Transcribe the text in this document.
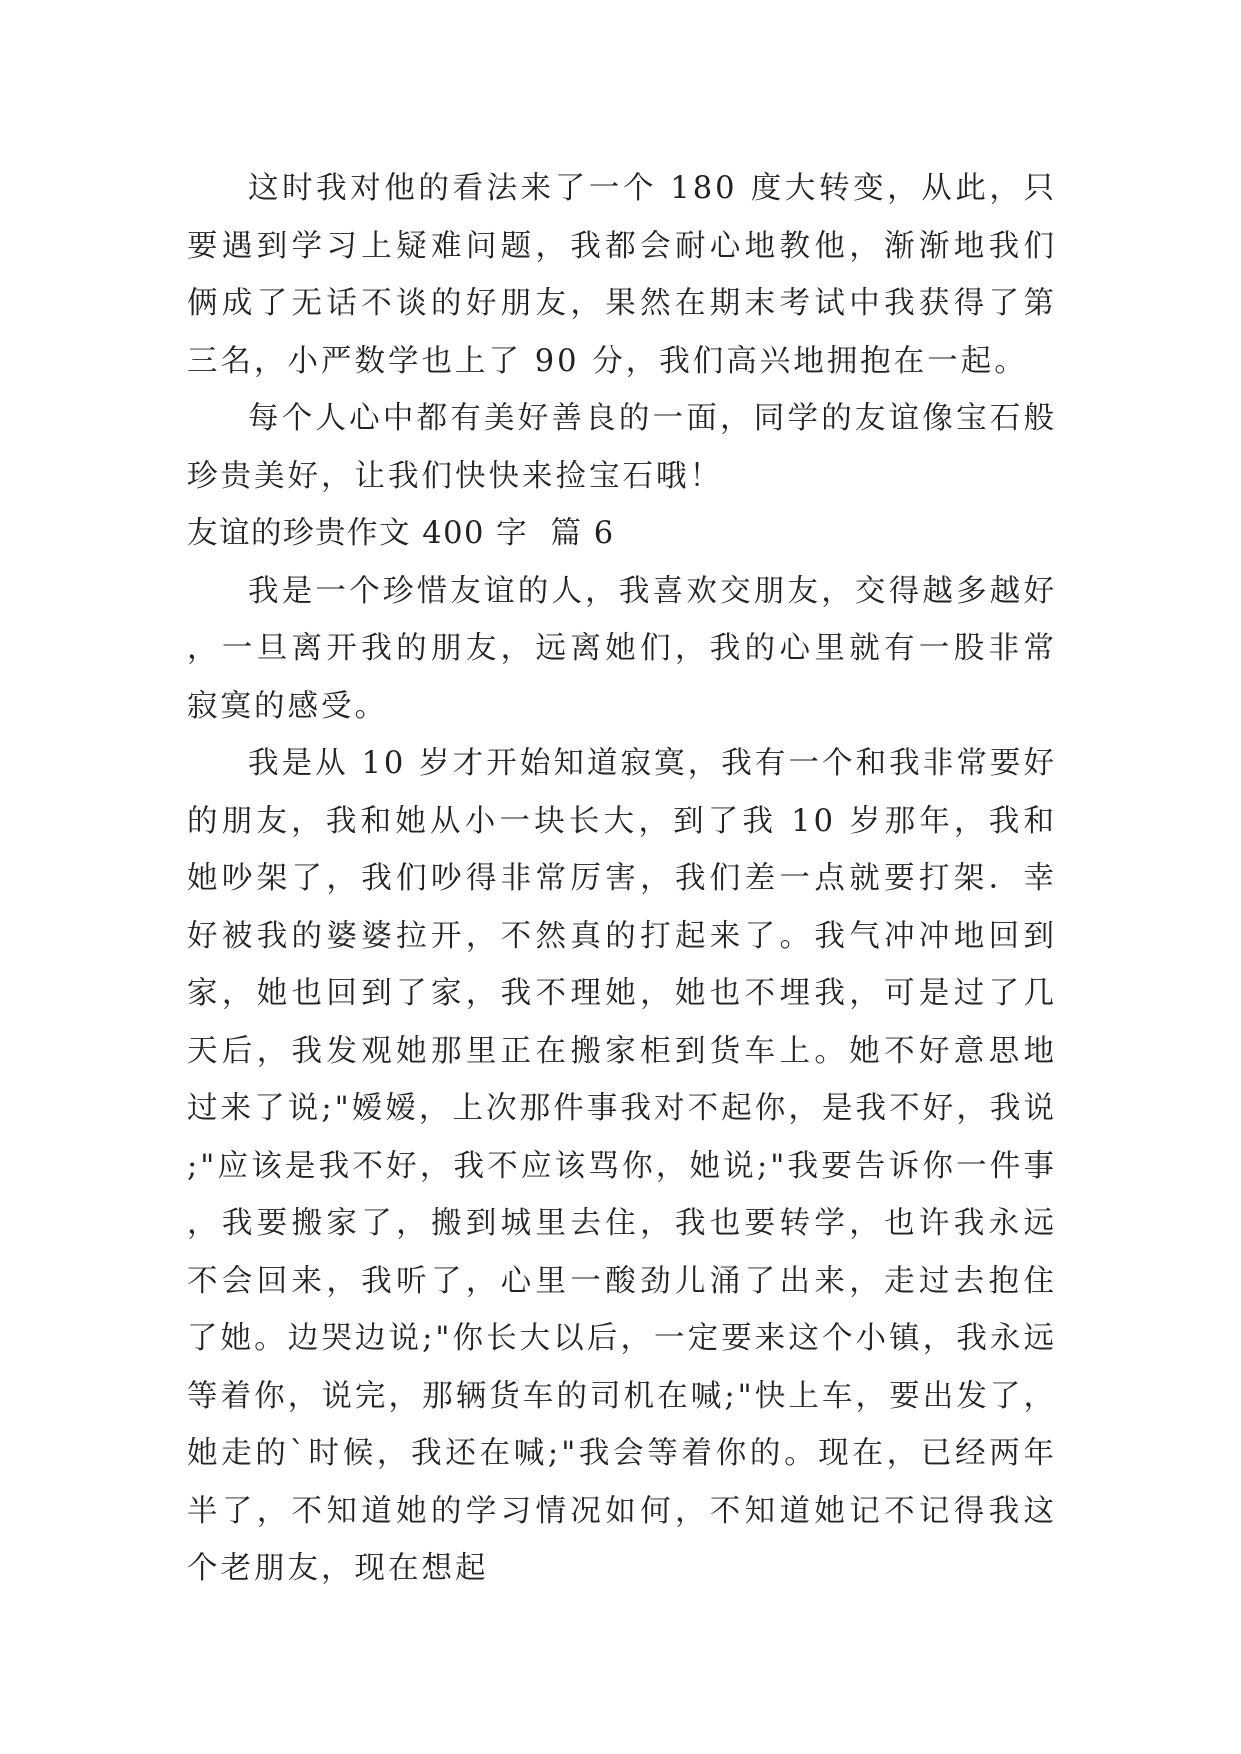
这时我对他的看法来了一个 180 度大转变，从此，只要遇到学习上疑难问题，我都会耐心地教他，渐渐地我们俩成了无话不谈的好朋友，果然在期末考试中我获得了第三名，小严数学也上了 90 分，我们高兴地拥抱在一起。

每个人心中都有美好善良的一面，同学的友谊像宝石般珍贵美好，让我们快快来捡宝石哦！

友谊的珍贵作文 400 字  篇 6

我是一个珍惜友谊的人，我喜欢交朋友，交得越多越好，一旦离开我的朋友，远离她们，我的心里就有一股非常寂寞的感受。

我是从 10 岁才开始知道寂寞，我有一个和我非常要好的朋友，我和她从小一块长大，到了我 10 岁那年，我和她吵架了，我们吵得非常厉害，我们差一点就要打架．幸好被我的婆婆拉开，不然真的打起来了。我气冲冲地回到家，她也回到了家，我不理她，她也不埋我，可是过了几天后，我发观她那里正在搬家柜到货车上。她不好意思地过来了说;"嫒嫒，上次那件事我对不起你，是我不好，我说;"应该是我不好，我不应该骂你，她说;"我要告诉你一件事，我要搬家了，搬到城里去住，我也要转学，也许我永远不会回来，我听了，心里一酸劲儿涌了出来，走过去抱住了她。边哭边说;"你长大以后，一定要来这个小镇，我永远等着你，说完，那辆货车的司机在喊;"快上车，要出发了，她走的`时候，我还在喊;"我会等着你的。现在，已经两年半了，不知道她的学习情况如何，不知道她记不记得我这个老朋友，现在想起
